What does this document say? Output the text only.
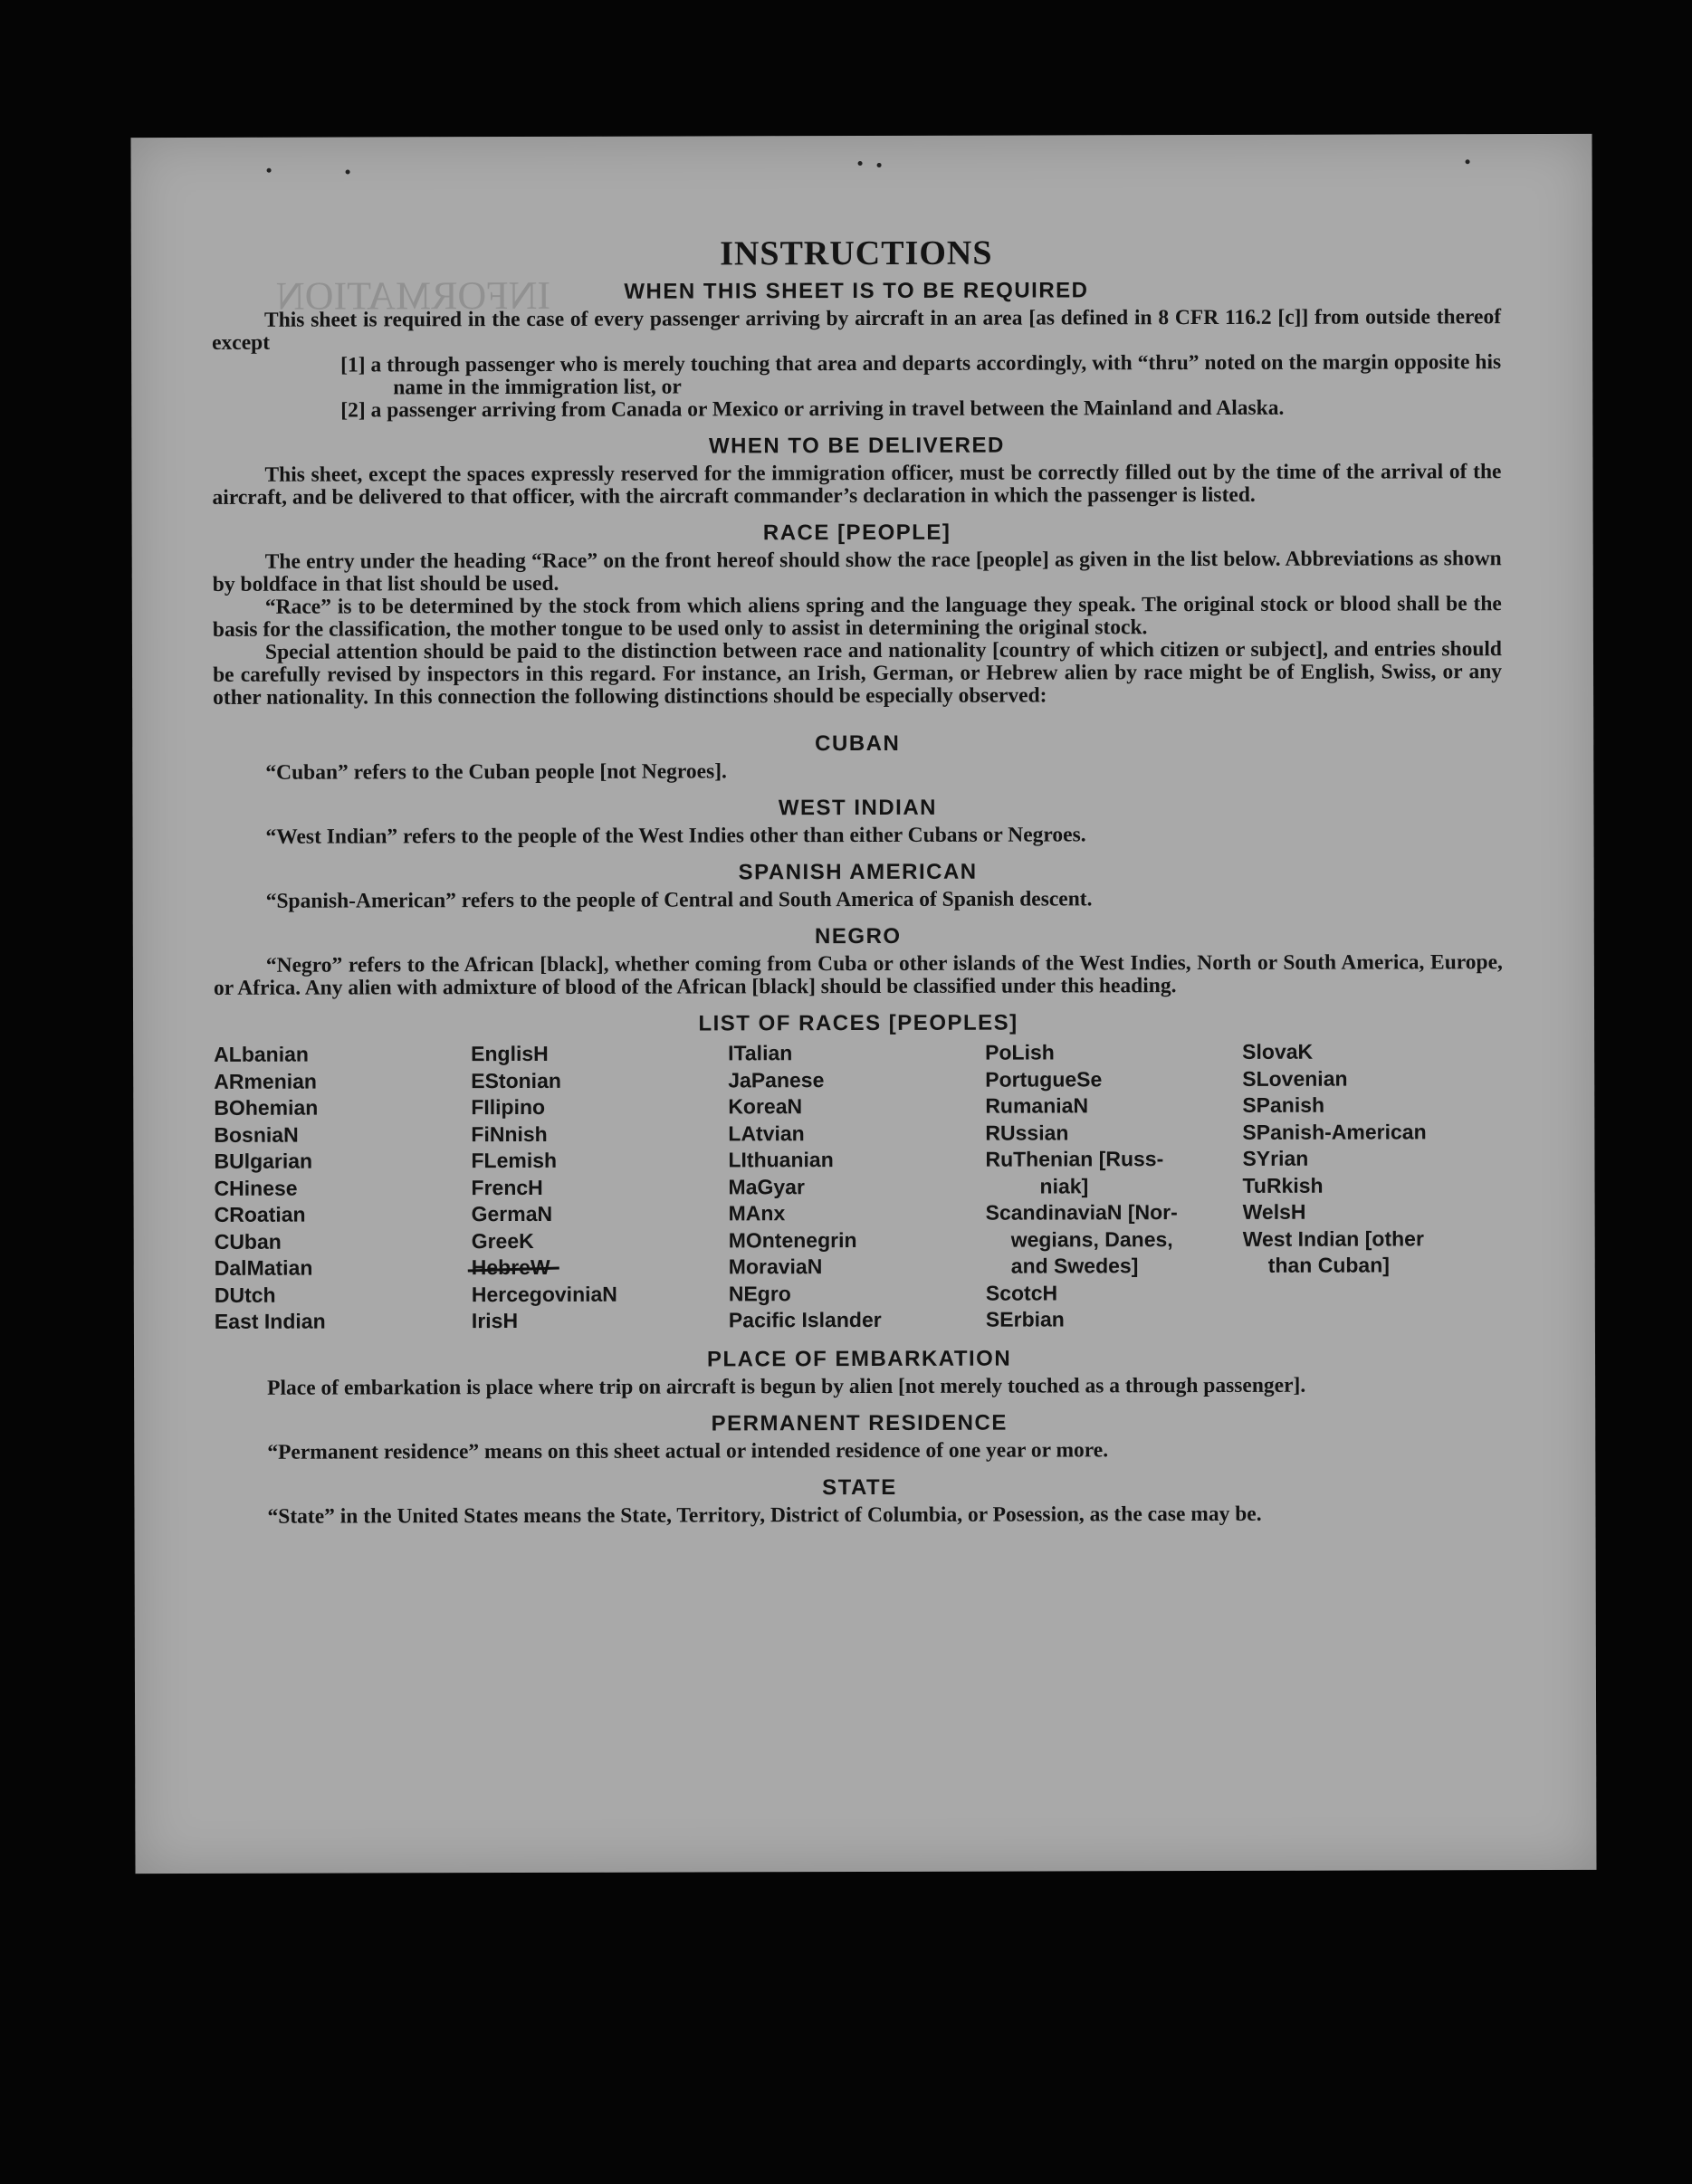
INFORMATION
INSTRUCTIONS
WHEN THIS SHEET IS TO BE REQUIRED

This sheet is required in the case of every passenger arriving by aircraft in an area [as defined in 8 CFR 116.2 [c]] from outside thereof except

[1] a through passenger who is merely touching that area and departs accordingly, with “thru” noted on the margin opposite his name in the immigration list, or

[2] a passenger arriving from Canada or Mexico or arriving in travel between the Mainland and Alaska.

WHEN TO BE DELIVERED

This sheet, except the spaces expressly reserved for the immigration officer, must be correctly filled out by the time of the arrival of the aircraft, and be delivered to that officer, with the aircraft commander’s declaration in which the passenger is listed.

RACE [PEOPLE]

The entry under the heading “Race” on the front hereof should show the race [people] as given in the list below. Abbreviations as shown by boldface in that list should be used.

“Race” is to be determined by the stock from which aliens spring and the language they speak. The original stock or blood shall be the basis for the classification, the mother tongue to be used only to assist in determining the original stock.

Special attention should be paid to the distinction between race and nationality [country of which citizen or subject], and entries should be carefully revised by inspectors in this regard. For instance, an Irish, German, or Hebrew alien by race might be of English, Swiss, or any other nationality. In this connection the following distinctions should be especially observed:

CUBAN

“Cuban” refers to the Cuban people [not Negroes].

WEST INDIAN

“West Indian” refers to the people of the West Indies other than either Cubans or Negroes.

SPANISH AMERICAN

“Spanish-American” refers to the people of Central and South America of Spanish descent.

NEGRO

“Negro” refers to the African [black], whether coming from Cuba or other islands of the West Indies, North or South America, Europe, or Africa. Any alien with admixture of blood of the African [black] should be classified under this heading.

LIST OF RACES [PEOPLES]
ALbanian
ARmenian
BOhemian
BosniaN
BUlgarian
CHinese
CRoatian
CUban
DalMatian
DUtch
East Indian
EnglisH
EStonian
FIlipino
FiNnish
FLemish
FrencH
GermaN
GreeK
HebreW
HercegoviniaN
IrisH
ITalian
JaPanese
KoreaN
LAtvian
LIthuanian
MaGyar
MAnx
MOntenegrin
MoraviaN
NEgro
Pacific Islander
PoLish
PortugueSe
RumaniaN
RUssian
RuThenian [Russ-
niak]
ScandinaviaN [Nor-
wegians, Danes,
and Swedes]
ScotcH
SErbian
SlovaK
SLovenian
SPanish
SPanish-American
SYrian
TuRkish
WelsH
West Indian [other
than Cuban]
PLACE OF EMBARKATION

Place of embarkation is place where trip on aircraft is begun by alien [not merely touched as a through passenger].

PERMANENT RESIDENCE

“Permanent residence” means on this sheet actual or intended residence of one year or more.

STATE

“State” in the United States means the State, Territory, District of Columbia, or Posession, as the case may be.
